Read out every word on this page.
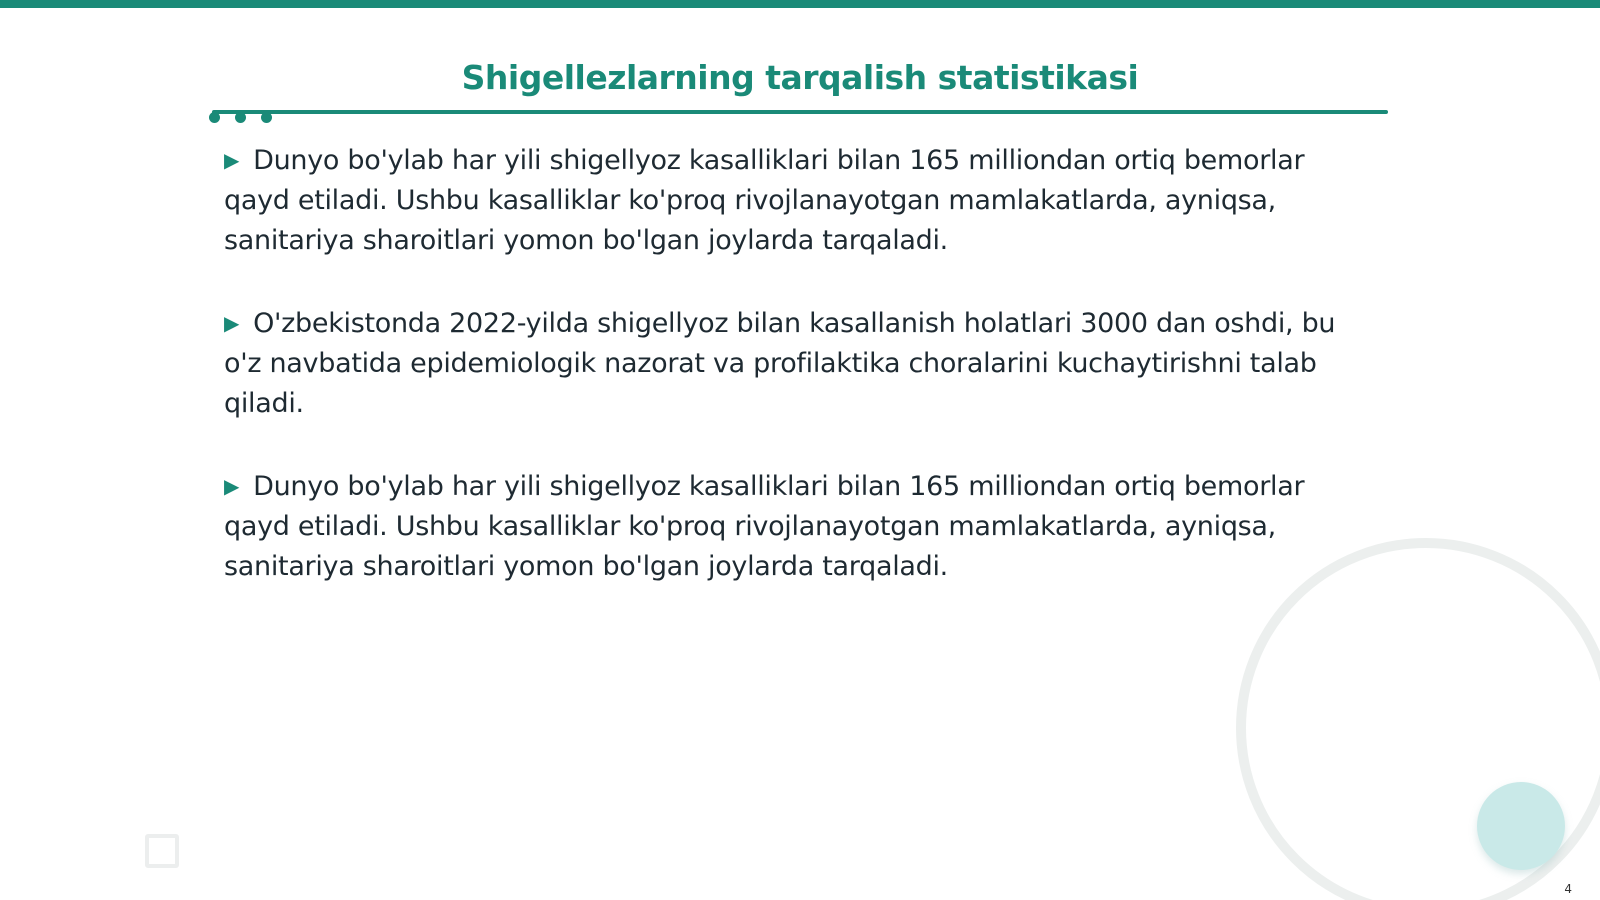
Shigellezlarning tarqalish statistikasi

▶ Dunyo bo'ylab har yili shigellyoz kasalliklari bilan 165 milliondan ortiq bemorlar qayd etiladi. Ushbu kasalliklar ko'proq rivojlanayotgan mamlakatlarda, ayniqsa, sanitariya sharoitlari yomon bo'lgan joylarda tarqaladi.

▶ O'zbekistonda 2022-yilda shigellyoz bilan kasallanish holatlari 3000 dan oshdi, bu o'z navbatida epidemiologik nazorat va profilaktika choralarini kuchaytirishni talab qiladi.

▶ Dunyo bo'ylab har yili shigellyoz kasalliklari bilan 165 milliondan ortiq bemorlar qayd etiladi. Ushbu kasalliklar ko'proq rivojlanayotgan mamlakatlarda, ayniqsa, sanitariya sharoitlari yomon bo'lgan joylarda tarqaladi.

4
